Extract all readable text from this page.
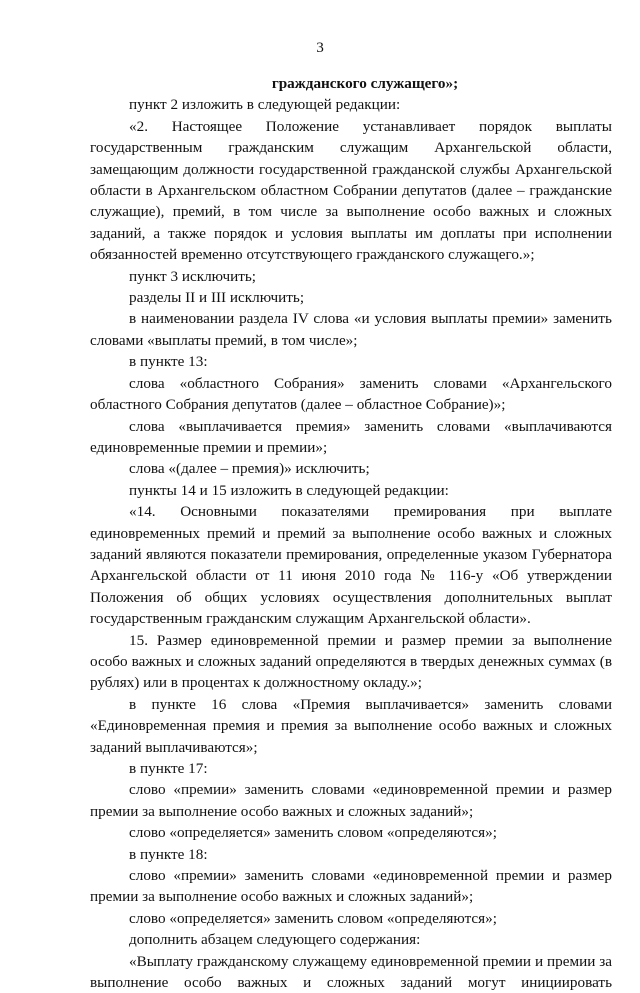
3

гражданского служащего»;

пункт 2 изложить в следующей редакции:

«2. Настоящее Положение устанавливает порядок выплаты государственным гражданским служащим Архангельской области, замещающим должности государственной гражданской службы Архангельской области в Архангельском областном Собрании депутатов (далее – гражданские служащие), премий, в том числе за выполнение особо важных и сложных заданий, а также порядок и условия выплаты им доплаты при исполнении обязанностей временно отсутствующего гражданского служащего.»;

пункт 3 исключить;

разделы II и III исключить;

в наименовании раздела IV слова «и условия выплаты премии» заменить словами «выплаты премий, в том числе»;

в пункте 13:

слова «областного Собрания» заменить словами «Архангельского областного Собрания депутатов (далее – областное Собрание)»;

слова «выплачивается премия» заменить словами «выплачиваются единовременные премии и премии»;

слова «(далее – премия)» исключить;

пункты 14 и 15 изложить в следующей редакции:

«14. Основными показателями премирования при выплате единовременных премий и премий за выполнение особо важных и сложных заданий являются показатели премирования, определенные указом Губернатора Архангельской области от 11 июня 2010 года № 116-у «Об утверждении Положения об общих условиях осуществления дополнительных выплат государственным гражданским служащим Архангельской области».

15. Размер единовременной премии и размер премии за выполнение особо важных и сложных заданий определяются в твердых денежных суммах (в рублях) или в процентах к должностному окладу.»;

в пункте 16 слова «Премия выплачивается» заменить словами «Единовременная премия и премия за выполнение особо важных и сложных заданий выплачиваются»;

в пункте 17:

слово «премии» заменить словами «единовременной премии и размер премии за выполнение особо важных и сложных заданий»;

слово «определяется» заменить словом «определяются»;

в пункте 18:

слово «премии» заменить словами «единовременной премии и размер премии за выполнение особо важных и сложных заданий»;

слово «определяется» заменить словом «определяются»;

дополнить абзацем следующего содержания:

«Выплату гражданскому служащему единовременной премии и премии за выполнение особо важных и сложных заданий могут инициировать
